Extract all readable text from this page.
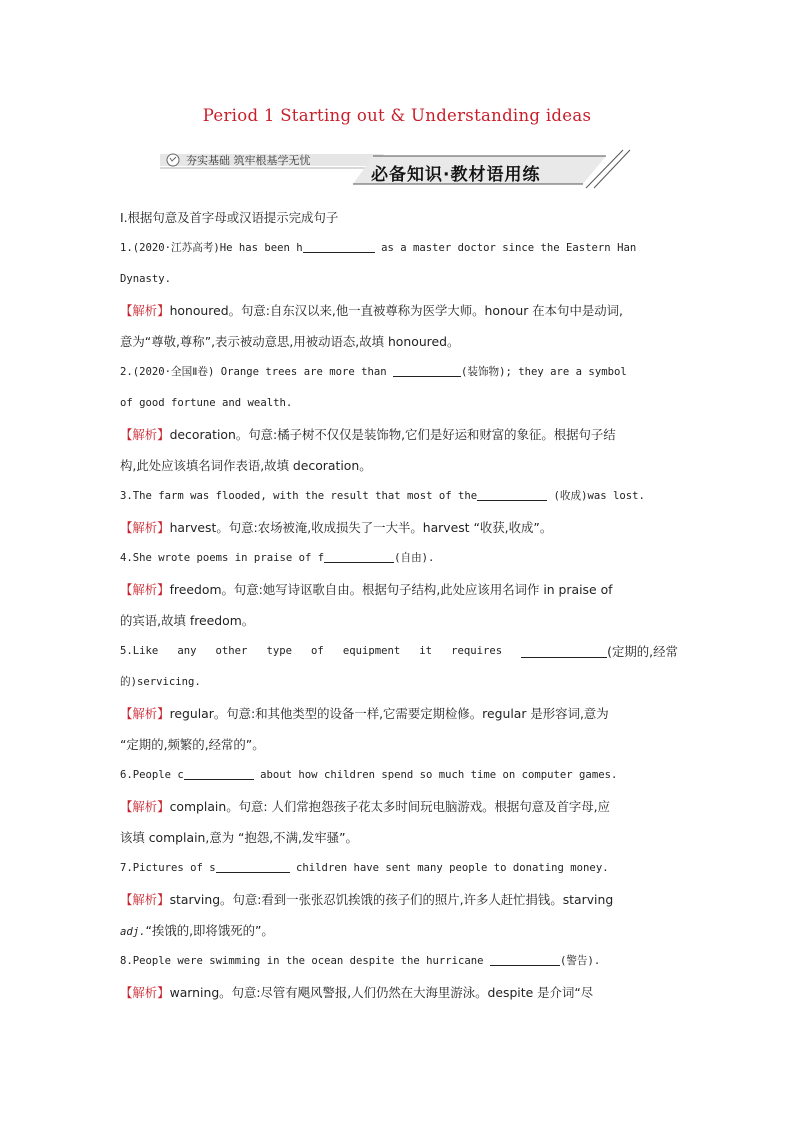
Period 1 Starting out & Understanding ideas
夯实基础 筑牢根基学无忧
必备知识·教材语用练
Ⅰ.根据句意及首字母或汉语提示完成句子
1.(2020·江苏高考)He has been h	as a master doctor since the Eastern Han
Dynasty.
【解析】honoured。句意:自东汉以来,他一直被尊称为医学大师。honour 在本句中是动词,
意为“尊敬,尊称”,表示被动意思,用被动语态,故填 honoured。
2.(2020·全国Ⅱ卷) Orange trees are more than	(装饰物); they are a symbol
of good fortune and wealth.
【解析】decoration。句意:橘子树不仅仅是装饰物,它们是好运和财富的象征。根据句子结
构,此处应该填名词作表语,故填 decoration。
3.The farm was flooded, with the result that most of the	(收成)was lost.
【解析】harvest。句意:农场被淹,收成损失了一大半。harvest “收获,收成”。
4.She wrote poems in praise of f	(自由).
【解析】freedom。句意:她写诗讴歌自由。根据句子结构,此处应该用名词作 in praise of
的宾语,故填 freedom。
5.Like any other type of equipment it requires	(定期的,经常
的)servicing.
【解析】regular。句意:和其他类型的设备一样,它需要定期检修。regular 是形容词,意为
“定期的,频繁的,经常的”。
6.People c	about how children spend so much time on computer games.
【解析】complain。句意: 人们常抱怨孩子花太多时间玩电脑游戏。根据句意及首字母,应
该填 complain,意为 “抱怨,不满,发牢骚”。
7.Pictures of s	children have sent many people to donating money.
【解析】starving。句意:看到一张张忍饥挨饿的孩子们的照片,许多人赶忙捐钱。starving
adj.“挨饿的,即将饿死的”。
8.People were swimming in the ocean despite the hurricane	(警告).
【解析】warning。句意:尽管有飓风警报,人们仍然在大海里游泳。despite 是介词“尽
